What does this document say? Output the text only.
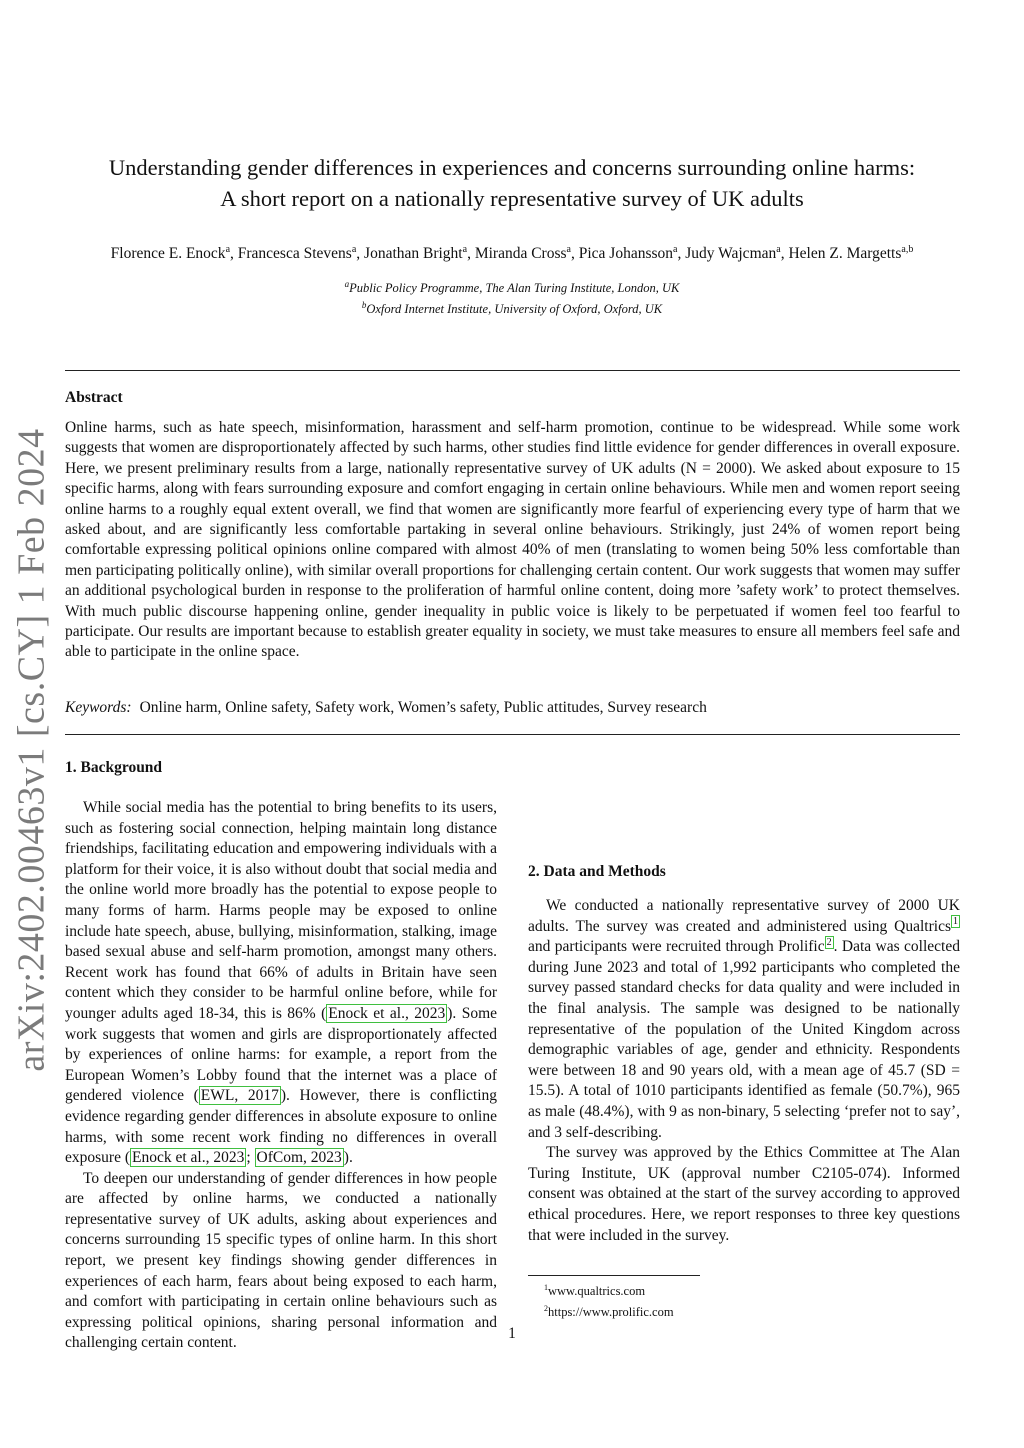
arXiv:2402.00463v1 [cs.CY] 1 Feb 2024
Understanding gender differences in experiences and concerns surrounding online harms:
A short report on a nationally representative survey of UK adults
Florence E. Enock$^a$, Francesca Stevens$^a$, Jonathan Bright$^a$, Miranda Cross$^a$, Pica Johansson$^a$, Judy Wajcman$^a$, Helen Z. Margetts$^{a,b}$
$^a$Public Policy Programme, The Alan Turing Institute, London, UK
$^b$Oxford Internet Institute, University of Oxford, Oxford, UK
Abstract

Online harms, such as hate speech, misinformation, harassment and self-harm promotion, continue to be widespread. While some work suggests that women are disproportionately affected by such harms, other studies find little evidence for gender differences in overall exposure. Here, we present preliminary results from a large, nationally representative survey of UK adults (N = 2000). We asked about exposure to 15 specific harms, along with fears surrounding exposure and comfort engaging in certain online behaviours. While men and women report seeing online harms to a roughly equal extent overall, we find that women are significantly more fearful of experiencing every type of harm that we asked about, and are significantly less comfortable partaking in several online behaviours. Strikingly, just 24% of women report being comfortable expressing political opinions online compared with almost 40% of men (translating to women being 50% less comfortable than men participating politically online), with similar overall proportions for challenging certain content. Our work suggests that women may suffer an additional psychological burden in response to the proliferation of harmful online content, doing more ’safety work’ to protect themselves. With much public discourse happening online, gender inequality in public voice is likely to be perpetuated if women feel too fearful to participate. Our results are important because to establish greater equality in society, we must take measures to ensure all members feel safe and able to participate in the online space.

Keywords: Online harm, Online safety, Safety work, Women’s safety, Public attitudes, Survey research
1. Background

While social media has the potential to bring benefits to its users, such as fostering social connection, helping maintain long distance friendships, facilitating education and empowering individuals with a platform for their voice, it is also without doubt that social media and the online world more broadly has the potential to expose people to many forms of harm. Harms people may be exposed to online include hate speech, abuse, bullying, misinformation, stalking, image based sexual abuse and self-harm promotion, amongst many others. Recent work has found that 66% of adults in Britain have seen content which they consider to be harmful online before, while for younger adults aged 18-34, this is 86% ( Enock et al., 2023 ). Some work suggests that women and girls are disproportionately affected by experiences of online harms: for example, a report from the European Women’s Lobby found that the internet was a place of gendered violence ( EWL, 2017 ). However, there is conflicting evidence regarding gender differences in absolute exposure to online harms, with some recent work finding no differences in overall exposure ( Enock et al., 2023 ; OfCom, 2023 ).

To deepen our understanding of gender differences in how people are affected by online harms, we conducted a nationally representative survey of UK adults, asking about experiences and concerns surrounding 15 specific types of online harm. In this short report, we present key findings showing gender differences in experiences of each harm, fears about being exposed to each harm, and comfort with participating in certain online behaviours such as expressing political opinions, sharing personal information and challenging certain content.

2. Data and Methods

We conducted a nationally representative survey of 2000 UK adults. The survey was created and administered using Qualtrics $^1$ and participants were recruited through Prolific $^2$ . Data was collected during June 2023 and total of 1,992 participants who completed the survey passed standard checks for data quality and were included in the final analysis. The sample was designed to be nationally representative of the population of the United Kingdom across demographic variables of age, gender and ethnicity. Respondents were between 18 and 90 years old, with a mean age of 45.7 (SD = 15.5). A total of 1010 participants identified as female (50.7%), 965 as male (48.4%), with 9 as non-binary, 5 selecting ‘prefer not to say’, and 3 self-describing.

The survey was approved by the Ethics Committee at The Alan Turing Institute, UK (approval number C2105-074). Informed consent was obtained at the start of the survey according to approved ethical procedures. Here, we report responses to three key questions that were included in the survey.

$^1$www.qualtrics.com
$^2$https://www.prolific.com
1
